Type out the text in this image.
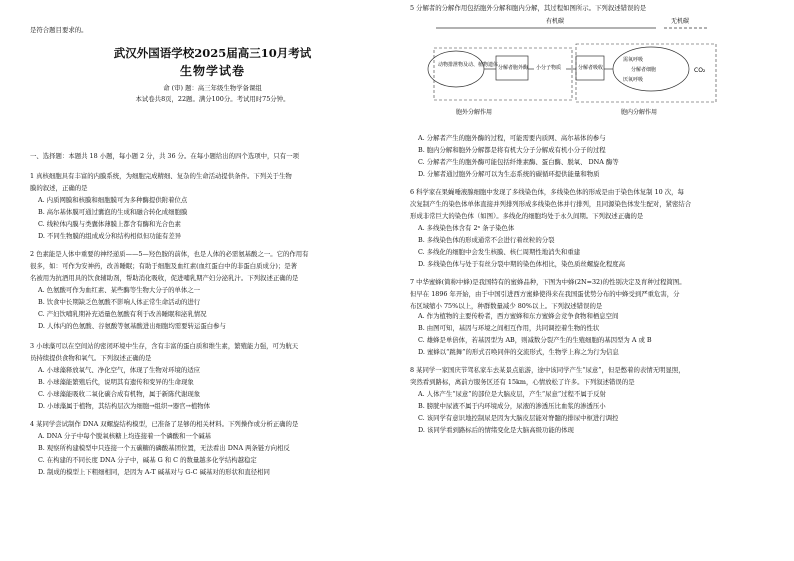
武汉外国语学校2025届高三10月考试
生物学试卷
命 (审) 题：高三年级生物学备课组
本试卷共8页，22题。满分100分。考试用时75分钟。
是符合题目要求的。
一、选择题：本题共 18 小题，每小题 2 分，共 36 分。在每小题给出的四个选项中，只有一项
1 真核细胞具有丰富的内膜系统，为细胞完成精细、复杂的生命活动提供条件。下列关于生物
膜的叙述，正确的是
A. 内质网膜和核膜和细胞膜可为多种酶提供附着位点
B. 高尔基体膜可通过囊泡的生成和融合转化成细胞膜
C. 线粒体内膜与类囊体薄膜上都含有酶和光合色素
D. 不同生物膜的组成成分和结构相似但功能有差异
2 色素能是人体中重要的神经递质——5—羟色胺的前体，也是人体的必需氨基酸之一。它的作用有
很多，如：可作为安神药，改善睡眠；有助于细胞及血红素(血红蛋白中的非蛋白质成分)；是著
名被用为抗酒用具的饮食辅助剂，帮助消化吸收，促进哺乳期产妇分泌乳汁。下列叙述正确的是
A. 色氨酸可作为血红素、某些酶等生物大分子的单体之一
B. 饮食中长期缺乏色氨酸不影响人体正常生命活动的进行
C. 产妇饮哺乳期补充适量色氨酸有利于改善睡眠和泌乳情况
D. 人体内的色氨酸、谷氨酸等氨基酸进出细胞均需要转运蛋白参与
3 小球藻可以在空间站的密闭环境中生存，含有丰富的蛋白质和维生素，繁殖能力强，可为航天
员持续提供食物和氧气。下列叙述正确的是
A. 小球藻释放氧气、净化空气，体现了生物对环境的适应
B. 小球藻能繁殖后代，说明其有遗传和变异的生命现象
C. 小球藻能吸收二氧化碳合成有机物，属于新陈代谢现象
D. 小球藻属于植物，其结构层次为细胞→组织→器官→植物体
4 某同学尝试制作 DNA 双螺旋结构模型，已准备了足够的相关材料。下列操作或分析正确的是
A. DNA 分子中每个脱氧核糖上均连接着一个磷酸和一个碱基
B. 观察所构建模型中只连接一个五碳糖的磷酸基团位置，无法看出 DNA 两条链方向相反
C. 在构建的不同长度 DNA 分子中，碱基 G 和 C 的数量越多化学结构越稳定
D. 制成的模型上下粗细相同，是因为 A-T 碱基对与 G-C 碱基对的形状和直径相同
5 分解者的分解作用包括胞外分解和胞内分解，其过程如图所示。下列叙述错误的是
A. 分解者产生的胞外酶的过程，可能需要内质网、高尔基体的参与
B. 胞内分解和胞外分解都是将有机大分子分解成有机小分子的过程
C. 分解者产生的胞外酶可能包括纤维素酶、蛋白酶、脱氧、 DNA 酶等
D. 分解者通过胞外分解可以为生态系统的碳循环提供能量和物质
6 科学家在果蝇唾液腺细胞中发现了多线染色体，多线染色体的形成是由于染色体复制 10 次，每
次复制产生的染色体单体直接并列排列形成多线染色体并行排列，且同源染色体发生配对，紧密结合
形成非常巨大的染色体（如图）。多线化的细胞均处于永久间期。下列叙述正确的是
A. 多线染色体含有 2ⁿ 条子染色体
B. 多线染色体的形成通常不会进行着丝粒的分裂
C. 多线化的细胞中会发生核膜、核仁周期性地消失和重建
D. 多线染色体与处于有丝分裂中期的染色体相比，染色质丝螺旋化程度高
7 中华蜜蜂(简称中蜂)是我国特有的蜜蜂品种，下图为中蜂(2N=32)的性别决定及育种过程简图。
但早在 1896 年开始，由于中国引进西方蜜蜂使得来在我国蛋优势分布的中蜂受到严重危害，分
布区域缩小 75%以上，种群数量减少 80%以上。下列叙述错误的是
A. 作为植物的主要传粉者，西方蜜蜂和东方蜜蜂会竞争食物和栖息空间
B. 由图可知，基因与环境之间相互作用，共同调控着生物的性状
C. 雄蜂是单倍体，若基因型为 AB，则减数分裂产生的生殖细胞的基因型为 A 或 B
D. 蜜蜂以“跳舞”的形式召唤同伴的交流形式，生物学上称之为行为信息
8 某同学一家国庆节驾私家车去某景点旅游，途中该同学产生“尿意”，但是憋着的表情无明显照，
突然看到路标，离前方服务区还有 15km，心情放松了许多。下列叙述错误的是
A. 人体产生“尿意”的部位是大脑皮层，产生“尿意”过程不属于反射
B. 膀胱中尿液不属于内环境成分，尿液的渗透压比血浆的渗透压小
C. 该同学有意识地控制尿是因为大脑皮层能对脊髓的排尿中枢进行调控
D. 该同学看到路标后的情绪变化是大脑高级功能的体现
有机碳	无机碳
动物排泄物及动、植物遗体 分解者胞外酶 小分子物质	分解者吸收
需氧呼吸
分解者细胞
厌氧呼吸
CO₂
胞外分解作用	胞内分解作用
